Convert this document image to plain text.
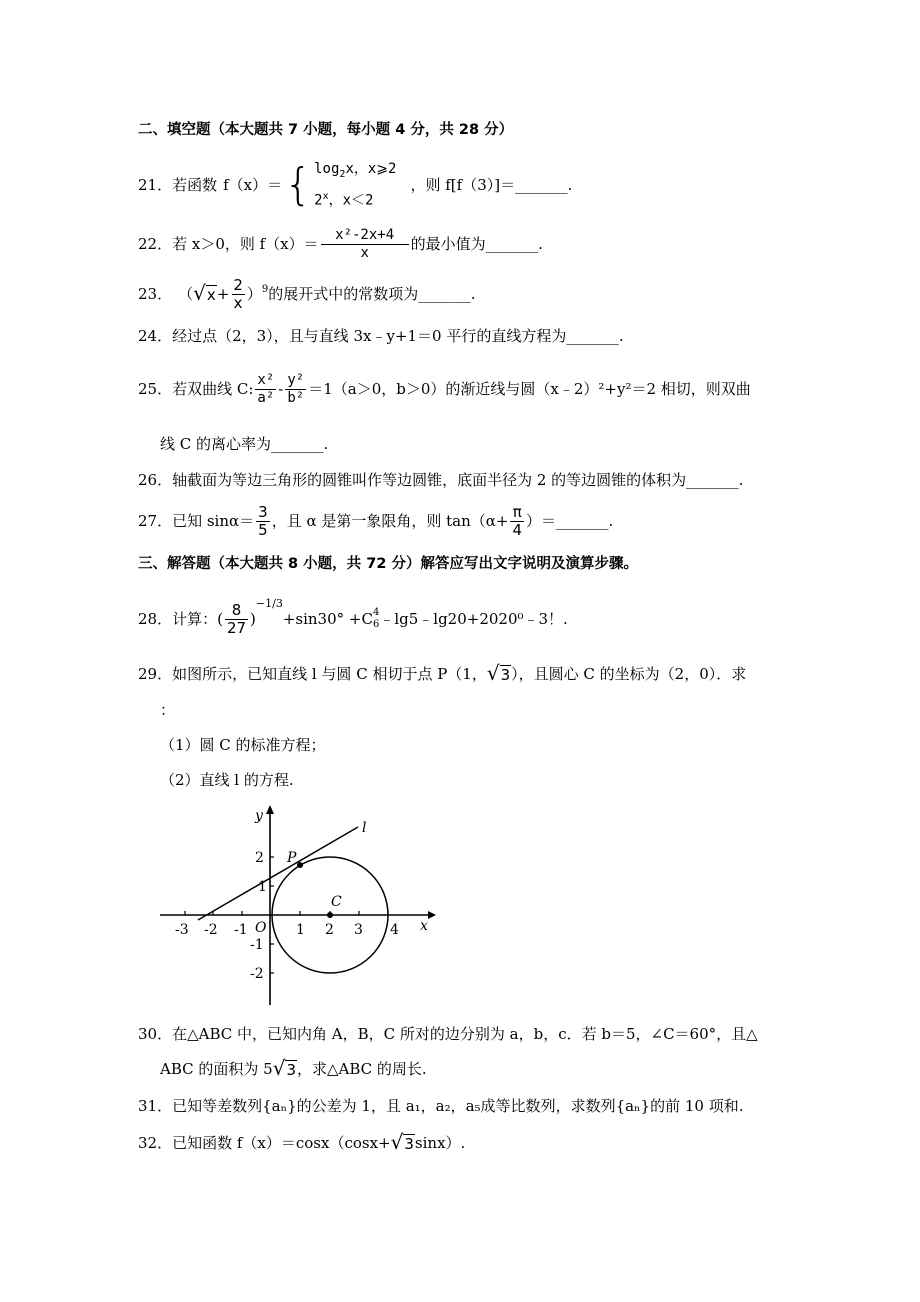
二、填空题（本大题共 7 小题，每小题 4 分，共 28 分）
21． 若函数 f（x）＝ { $\log_2x$，x⩾2
2$^x$，x＜2
，则 f[f（3）]＝_______.
22． 若 x＞0，则 $f(x)= \frac{\text{x²-2x+4}}{x}$ 的最小值为_______.
23． （ $√x + \frac{2}{x} )^9$ 的展开式中的常数项为_______.
24．经过点（2，3），且与直线 3x﹣y+1＝0 平行的直线方程为_______.
25． 若双曲线 C: $\frac{\text{x²}}{\text{a²}} - \frac{\text{y²}}{\text{b²}} =1(a>0$，b＞0）的渐近线与圆（x﹣2）²+y²＝2 相切，则双曲
线 C 的离心率为_______.
26．轴截面为等边三角形的圆锥叫作等边圆锥，底面半径为 2 的等边圆锥的体积为_______.
27． 已知 $\sin\alpha= \frac{3}{5}$ ，且 α 是第一象限角，则 $\tan(\alpha+ \frac{\pi}{4}$ ）＝_______.
三、解答题（本大题共 8 小题，共 72 分）解答应写出文字说明及演算步骤。
28． 计算：( $\frac{8}{27}$ )
$^{-1/3}$
+sin30° +C 4
6 ﹣lg5﹣lg20+2020⁰﹣3！.
29． 如图所示，已知直线 l 与圆 C 相切于点 P（1， √3 ），且圆心 C 的坐标为（2，0）．求
：
（1）圆 C 的标准方程；
（2）直线 l 的方程.
y
x
O
l
P
C
-3 -2 -1	1 2 3 4
2
1
-1
-2
30．在△ABC 中，已知内角 A，B，C 所对的边分别为 a，b，c．若 b＝5，∠C＝60°，且△
ABC 的面积为 5 √3 ，求△ABC 的周长.
31．已知等差数列{aₙ}的公差为 1，且 a₁，a₂，a₅成等比数列，求数列{aₙ}的前 10 项和.
32． 已知函数 f（x）＝cosx（cosx+ √3 sinx）.
